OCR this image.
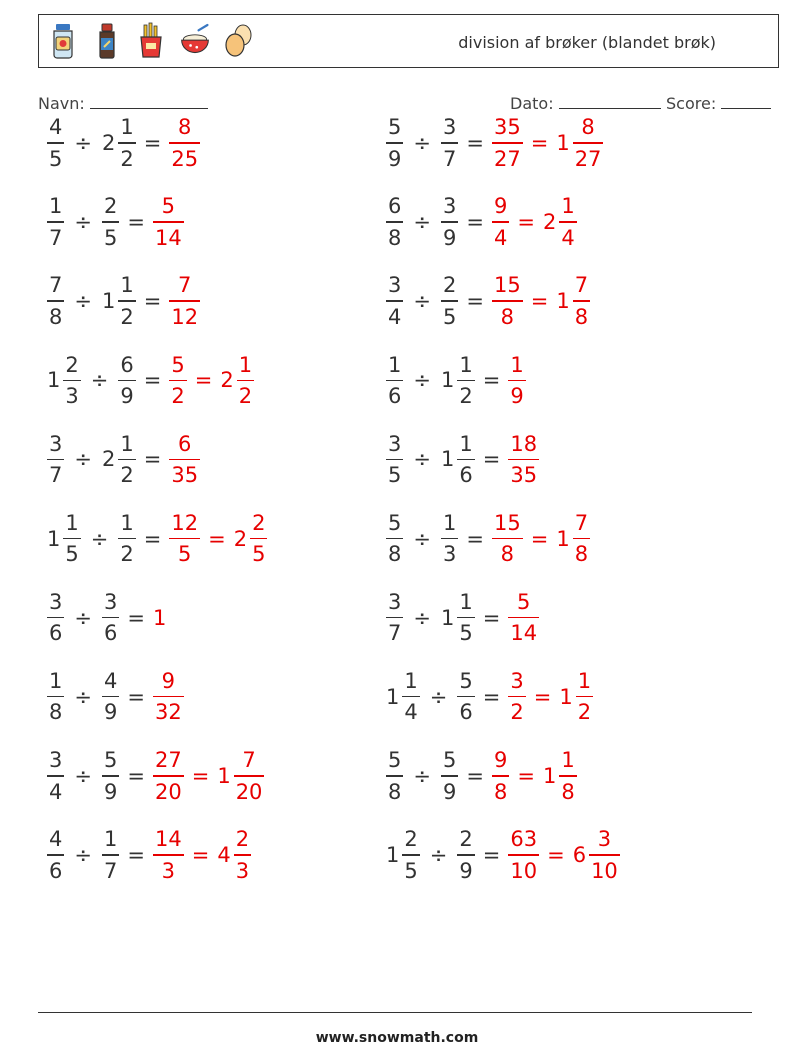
division af brøker (blandet brøk)
Navn:	Dato:	Score:
$\frac{4}{5} \div 2 \frac{1}{2} = \frac{8}{25}$
$\frac{1}{7} \div \frac{2}{5} = \frac{5}{14}$
$\frac{7}{8} \div 1 \frac{1}{2} = \frac{7}{12}$
$1 \frac{2}{3} \div \frac{6}{9} = \frac{5}{2} = 2 \frac{1}{2}$
$\frac{3}{7} \div 2 \frac{1}{2} = \frac{6}{35}$
$1 \frac{1}{5} \div \frac{1}{2} = \frac{12}{5} = 2 \frac{2}{5}$
$\frac{3}{6} \div \frac{3}{6} = 1$
$\frac{1}{8} \div \frac{4}{9} = \frac{9}{32}$
$\frac{3}{4} \div \frac{5}{9} = \frac{27}{20} = 1 \frac{7}{20}$
$\frac{4}{6} \div \frac{1}{7} = \frac{14}{3} = 4 \frac{2}{3}$
$\frac{5}{9} \div \frac{3}{7} = \frac{35}{27} = 1 \frac{8}{27}$
$\frac{6}{8} \div \frac{3}{9} = \frac{9}{4} = 2 \frac{1}{4}$
$\frac{3}{4} \div \frac{2}{5} = \frac{15}{8} = 1 \frac{7}{8}$
$\frac{1}{6} \div 1 \frac{1}{2} = \frac{1}{9}$
$\frac{3}{5} \div 1 \frac{1}{6} = \frac{18}{35}$
$\frac{5}{8} \div \frac{1}{3} = \frac{15}{8} = 1 \frac{7}{8}$
$\frac{3}{7} \div 1 \frac{1}{5} = \frac{5}{14}$
$1 \frac{1}{4} \div \frac{5}{6} = \frac{3}{2} = 1 \frac{1}{2}$
$\frac{5}{8} \div \frac{5}{9} = \frac{9}{8} = 1 \frac{1}{8}$
$1 \frac{2}{5} \div \frac{2}{9} = \frac{63}{10} = 6 \frac{3}{10}$
www.snowmath.com
